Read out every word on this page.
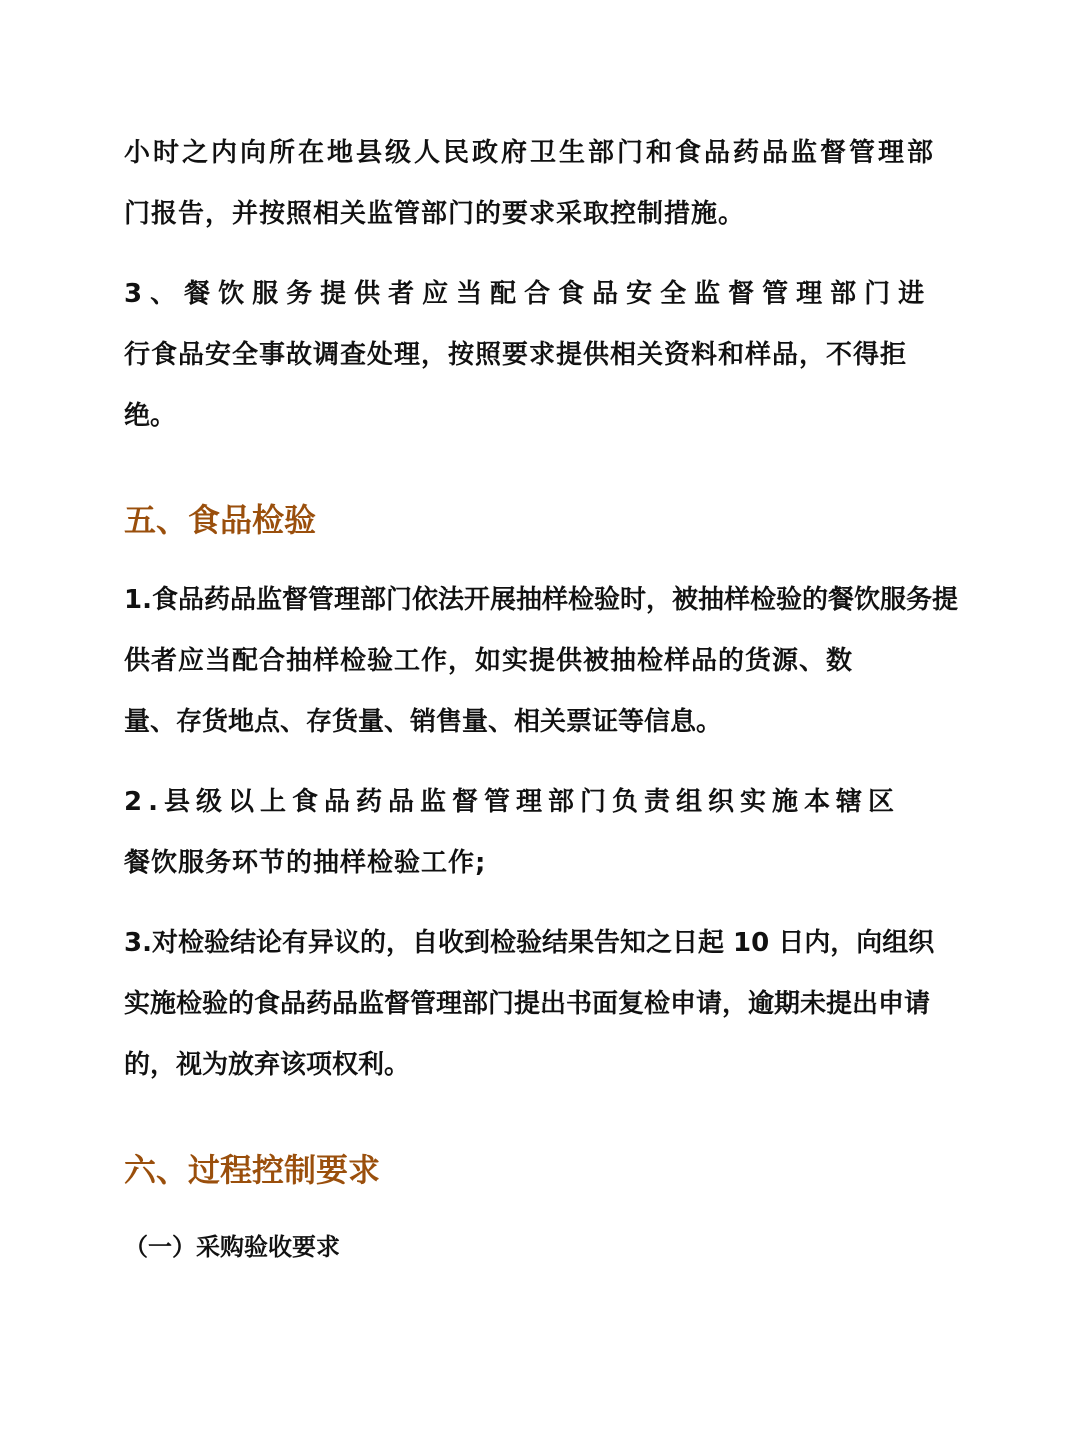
小时之内向所在地县级人民政府卫生部门和食品药品监督管理部
门报告，并按照相关监管部门的要求采取控制措施。
3、餐饮服务提供者应当配合食品安全监督管理部门进
行食品安全事故调查处理，按照要求提供相关资料和样品，不得拒
绝。
五、食品检验
1.食品药品监督管理部门依法开展抽样检验时，被抽样检验的餐饮服务提
供者应当配合抽样检验工作，如实提供被抽检样品的货源、数
量、存货地点、存货量、销售量、相关票证等信息。
2.县级以上食品药品监督管理部门负责组织实施本辖区
餐饮服务环节的抽样检验工作;
3.对检验结论有异议的，自收到检验结果告知之日起 10 日内，向组织
实施检验的食品药品监督管理部门提出书面复检申请，逾期未提出申请
的，视为放弃该项权利。
六、过程控制要求
（一）采购验收要求
